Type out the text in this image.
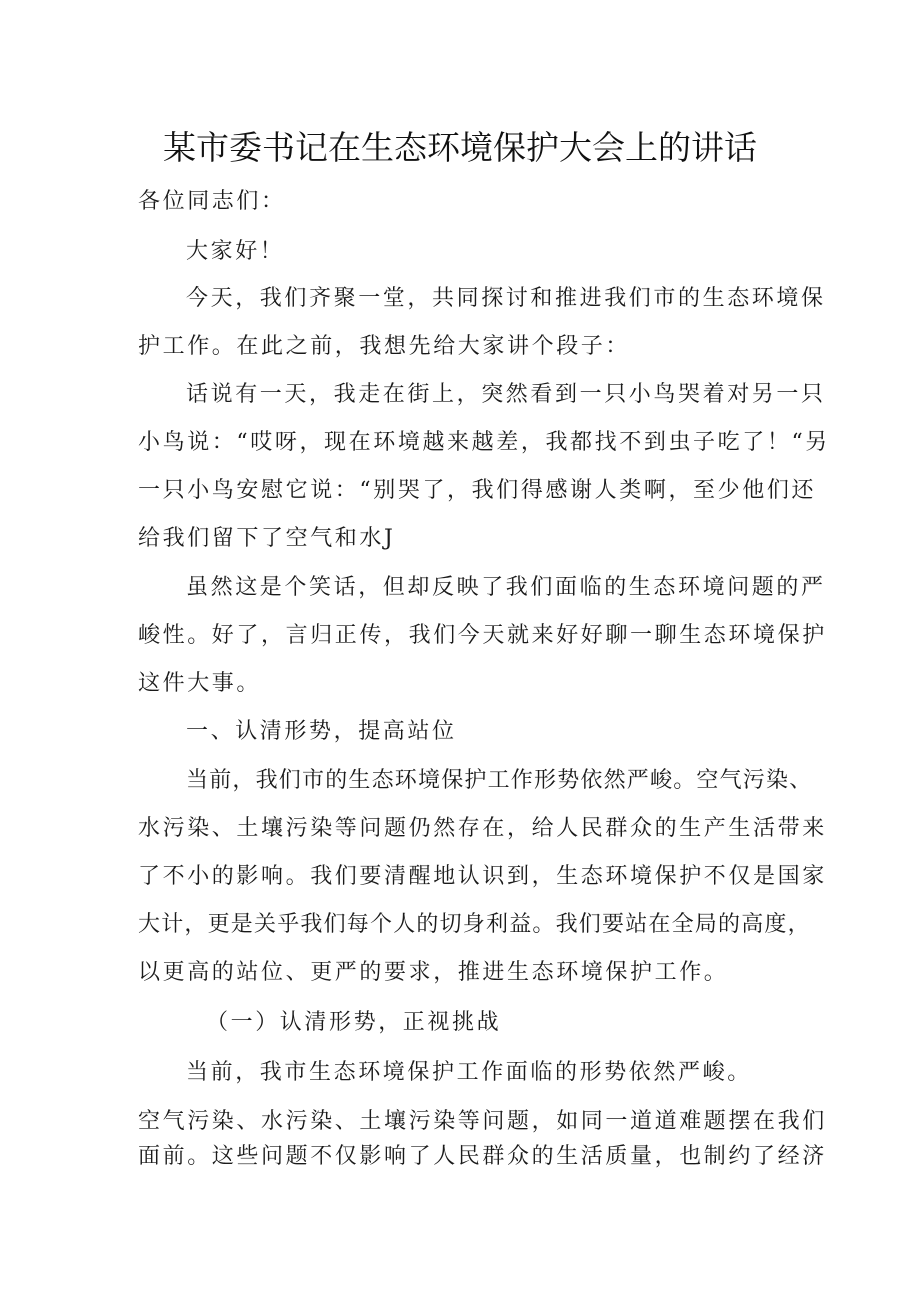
某市委书记在生态环境保护大会上的讲话
各位同志们：
大家好！
今天，我们齐聚一堂，共同探讨和推进我们市的生态环境保
护工作。在此之前，我想先给大家讲个段子：
话说有一天，我走在街上，突然看到一只小鸟哭着对另一只
小鸟说：“哎呀，现在环境越来越差，我都找不到虫子吃了！“另
一只小鸟安慰它说：“别哭了，我们得感谢人类啊，至少他们还
给我们留下了空气和水J
虽然这是个笑话，但却反映了我们面临的生态环境问题的严
峻性。好了，言归正传，我们今天就来好好聊一聊生态环境保护
这件大事。
一、认清形势，提高站位
当前，我们市的生态环境保护工作形势依然严峻。空气污染、
水污染、土壤污染等问题仍然存在，给人民群众的生产生活带来
了不小的影响。我们要清醒地认识到，生态环境保护不仅是国家
大计，更是关乎我们每个人的切身利益。我们要站在全局的高度，
以更高的站位、更严的要求，推进生态环境保护工作。
（一）认清形势，正视挑战
当前，我市生态环境保护工作面临的形势依然严峻。
空气污染、水污染、土壤污染等问题，如同一道道难题摆在我们
面前。这些问题不仅影响了人民群众的生活质量，也制约了经济
